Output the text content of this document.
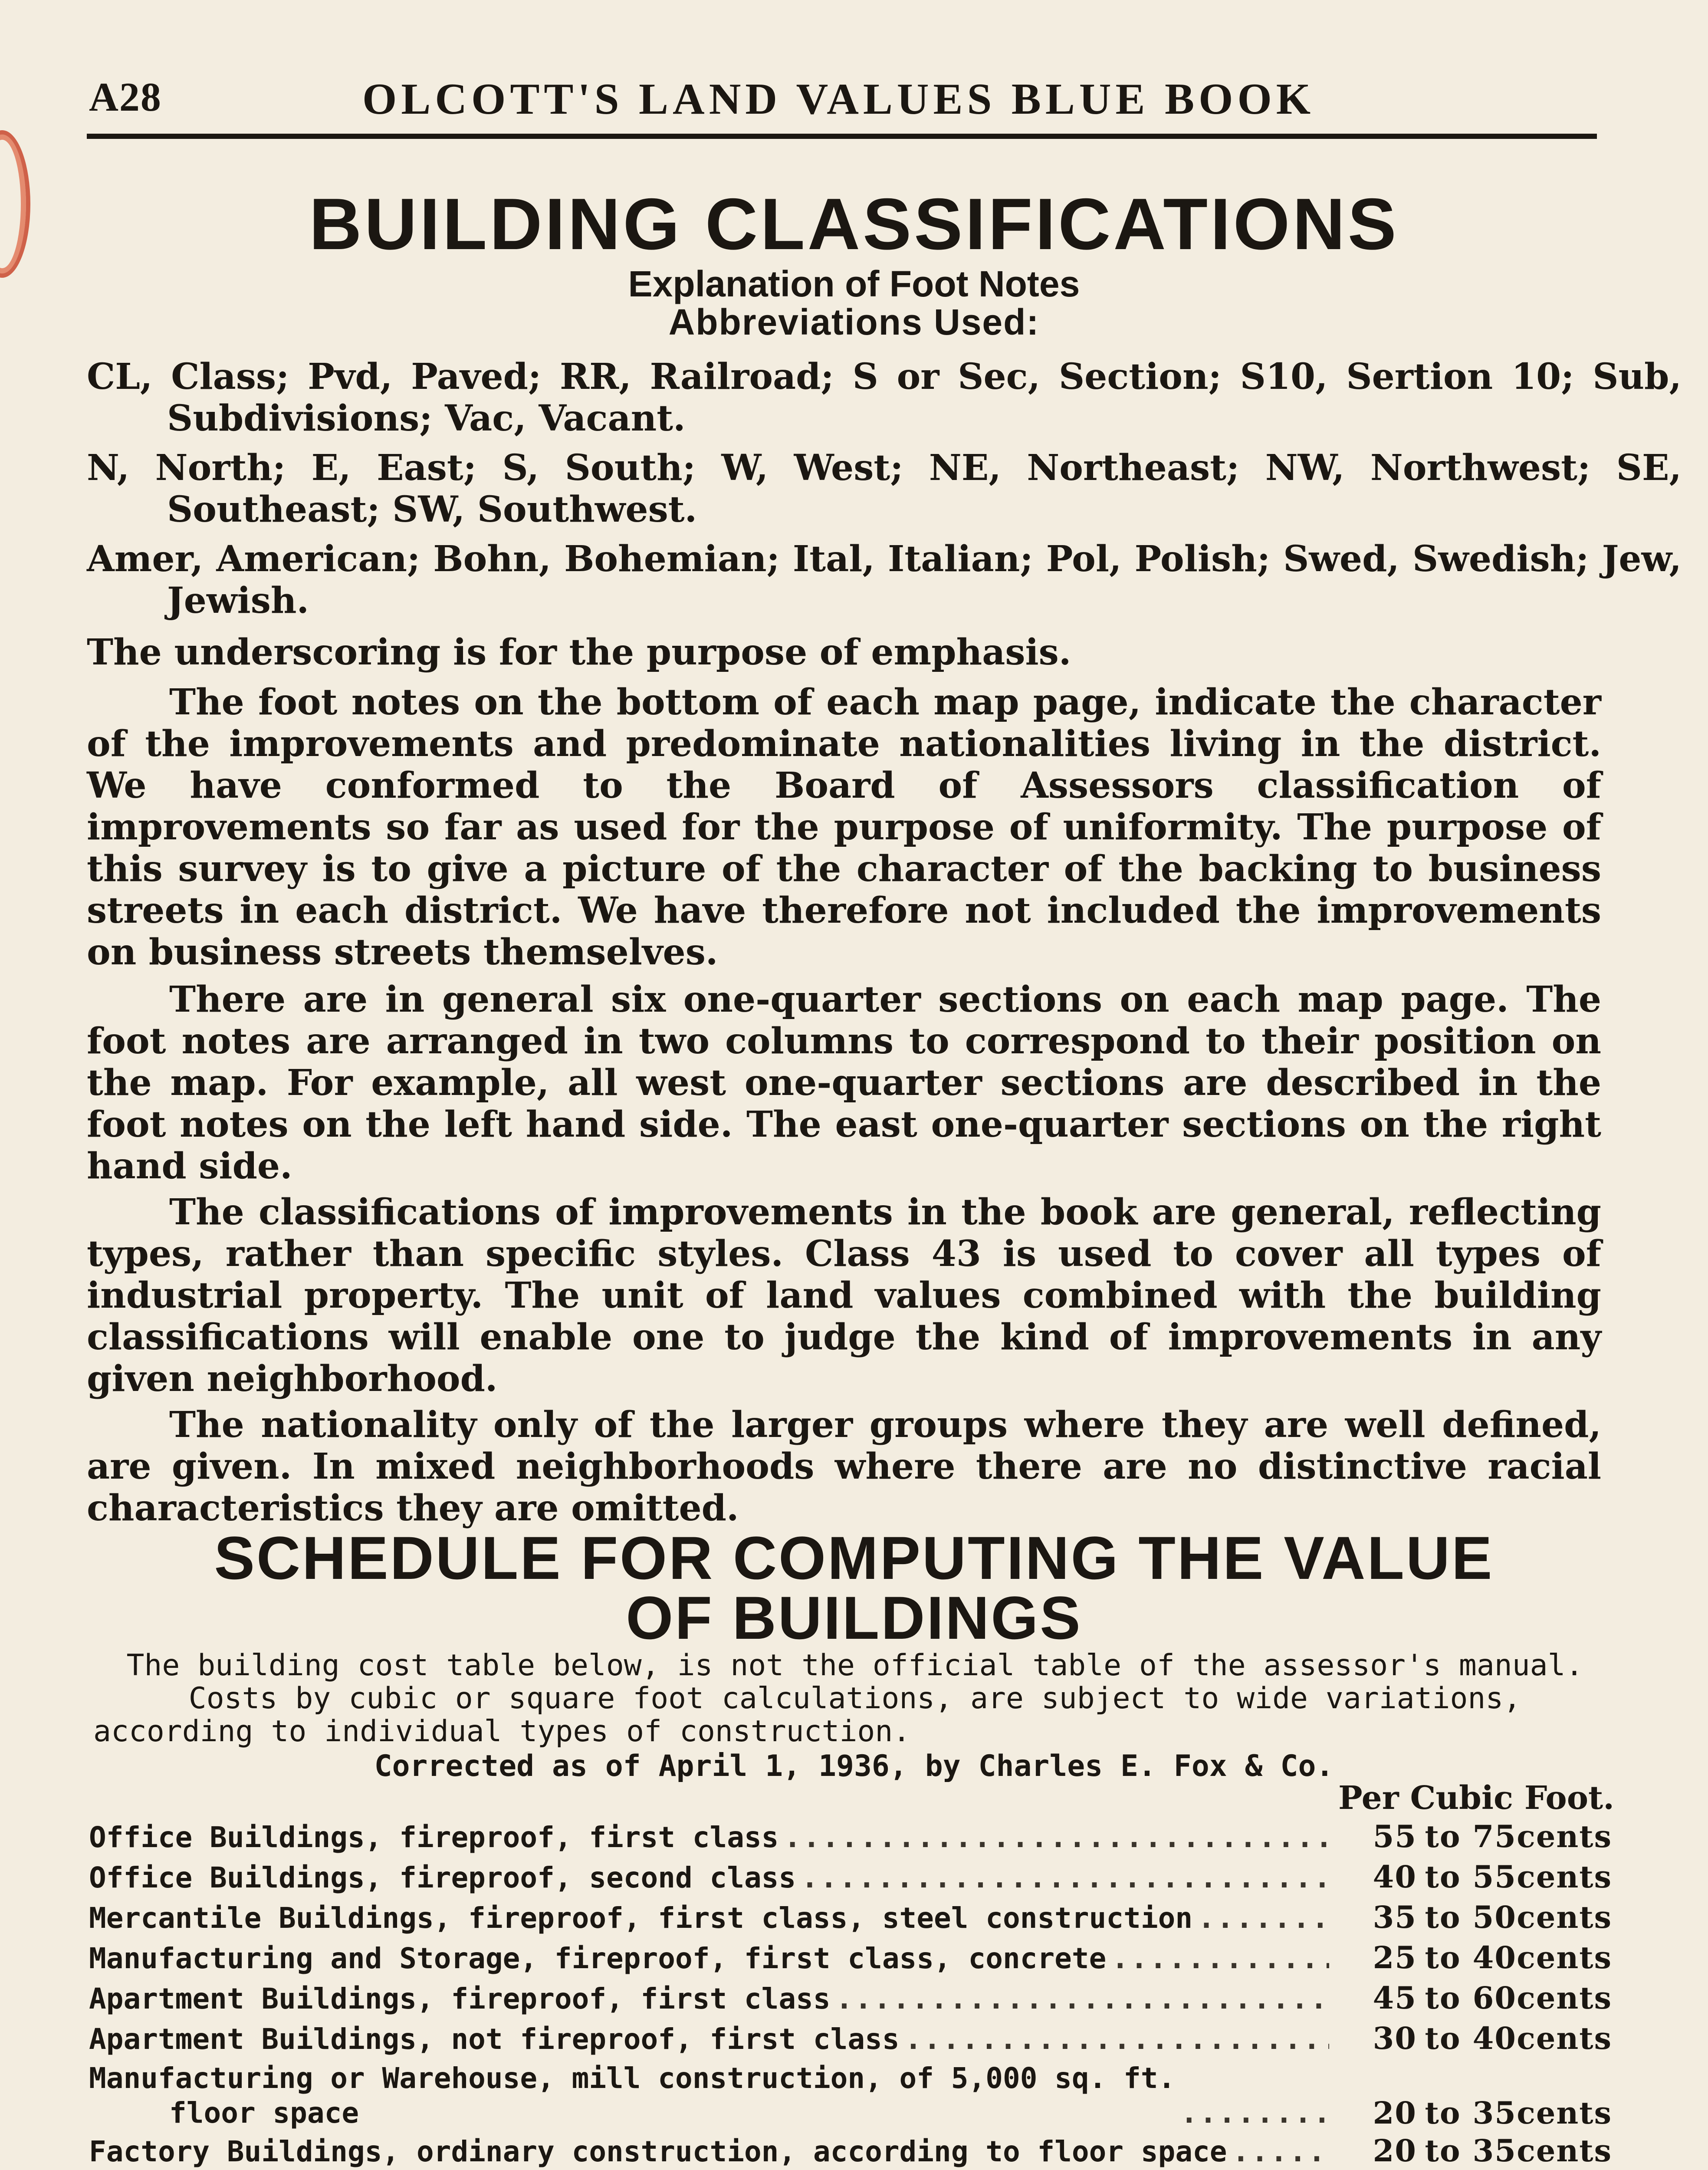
A28	OLCOTT'S LAND VALUES BLUE BOOK
BUILDING CLASSIFICATIONS
Explanation of Foot Notes
Abbreviations Used:
CL, Class; Pvd, Paved; RR, Railroad; S or Sec, Section; S10, Sertion 10; Sub, Subdivisions; Vac, Vacant.
N, North; E, East; S, South; W, West; NE, Northeast; NW, Northwest; SE, Southeast; SW, Southwest.
Amer, American; Bohn, Bohemian; Ital, Italian; Pol, Polish; Swed, Swedish; Jew, Jewish.
The underscoring is for the purpose of emphasis.
The foot notes on the bottom of each map page, indicate the character of the improvements and predominate nationalities living in the district. We have conformed to the Board of Assessors classification of improvements so far as used for the purpose of uniformity. The purpose of this survey is to give a picture of the character of the backing to business streets in each district. We have therefore not included the improvements on business streets themselves.
There are in general six one-quarter sections on each map page. The foot notes are arranged in two columns to correspond to their position on the map. For example, all west one-quarter sections are described in the foot notes on the left hand side. The east one-quarter sections on the right hand side.
The classifications of improvements in the book are general, reflecting types, rather than specific styles. Class 43 is used to cover all types of industrial property. The unit of land values combined with the building classifications will enable one to judge the kind of improvements in any given neighborhood.
The nationality only of the larger groups where they are well defined, are given. In mixed neighborhoods where there are no distinctive racial characteristics they are omitted.
SCHEDULE FOR COMPUTING THE VALUE
OF BUILDINGS
The building cost table below, is not the official table of the assessor's manual.
Costs by cubic or square foot calculations, are subject to wide variations,
according to individual types of construction.
Corrected as of April 1, 1936, by Charles E. Fox & Co.
Per Cubic Foot.
Office Buildings, fireproof, first class .....	55 to 75cents
Office Buildings, fireproof, second class .....	40 to 55cents
Mercantile Buildings, fireproof, first class, steel construction .....	35 to 50cents
Manufacturing and Storage, fireproof, first class, concrete .....	25 to 40cents
Apartment Buildings, fireproof, first class .....	45 to 60cents
Apartment Buildings, not fireproof, first class .....	30 to 40cents
Manufacturing or Warehouse, mill construction, of 5,000 sq. ft.
floor space .....	20 to 35cents
Factory Buildings, ordinary construction, according to floor space .....	20 to 35cents
